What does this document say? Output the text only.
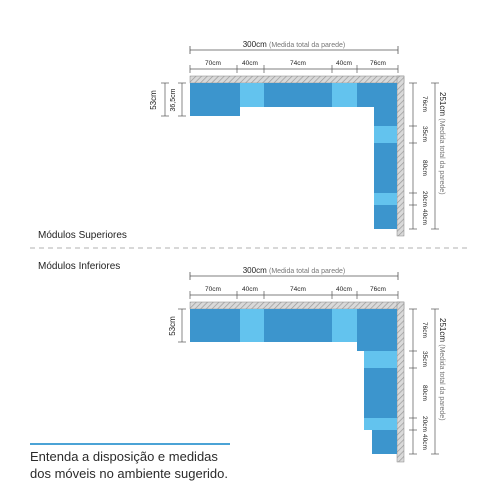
300cm (Medida total da parede)
70cm	40cm	74cm	40cm	76cm
53cm 36,5cm	76cm
35cm
80cm
20cm
40cm
251cm (Medida total da parede)
300cm (Medida total da parede)
70cm	40cm	74cm	40cm	76cm
53cm	76cm
35cm
80cm
20cm
40cm
251cm (Medida total da parede)
Módulos Superiores
Módulos Inferiores
Entenda a disposição e medidas
dos móveis no ambiente sugerido.
